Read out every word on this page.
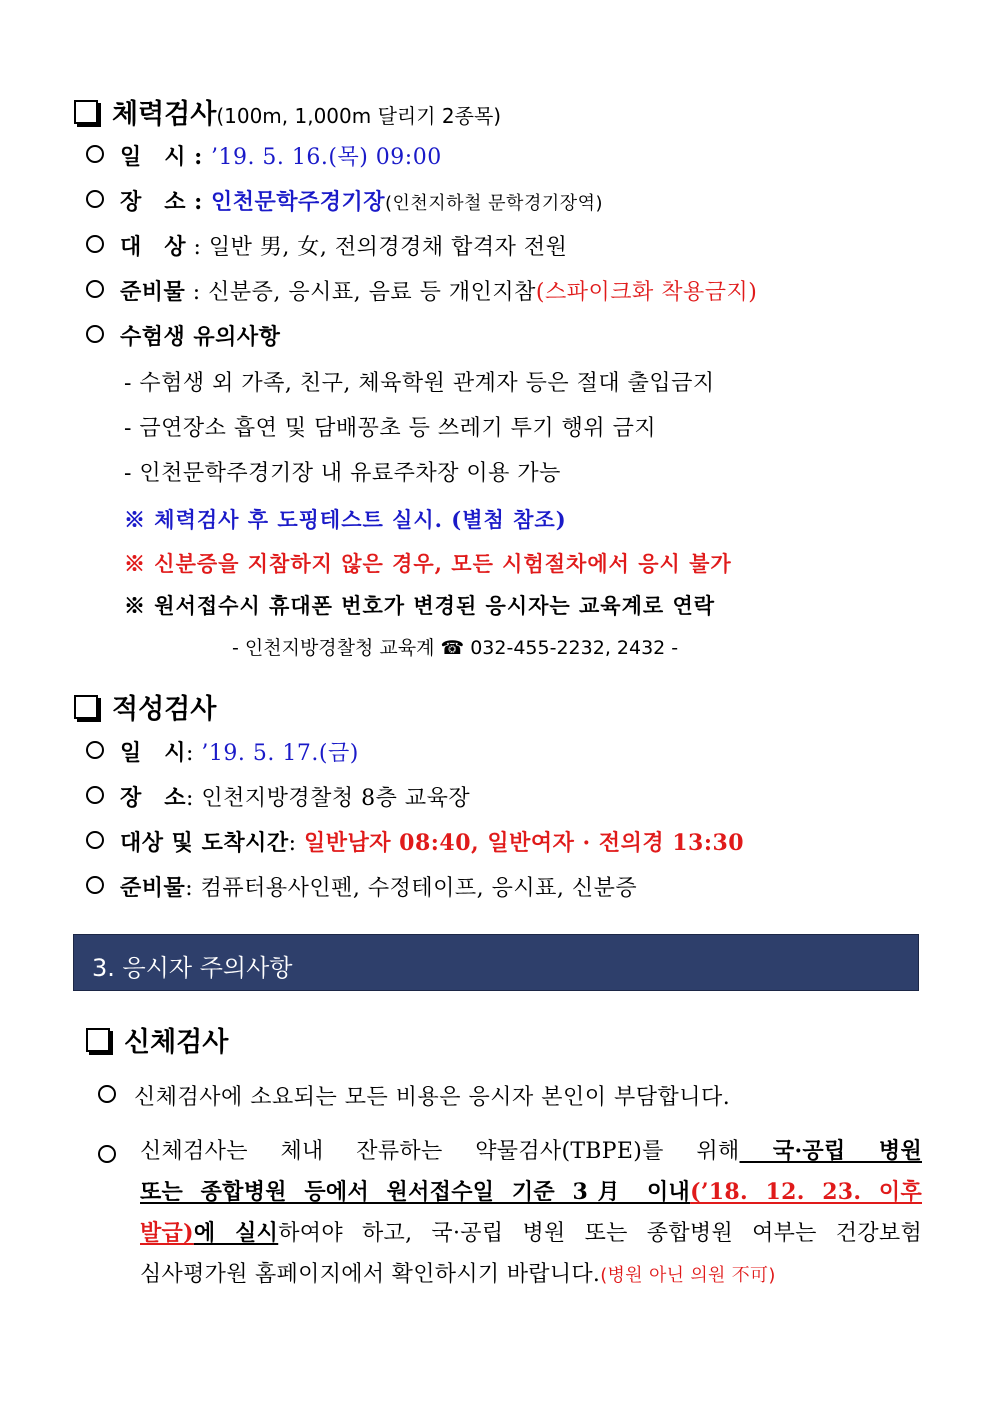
체력검사(100m, 1,000m 달리기 2종목)
일　시 : ’19. 5. 16.(목) 09:00
장　소 : 인천문학주경기장(인천지하철 문학경기장역)
대　상 : 일반 男, 女, 전의경경채 합격자 전원
준비물 : 신분증, 응시표, 음료 등 개인지참(스파이크화 착용금지)
수험생 유의사항
- 수험생 외 가족, 친구, 체육학원 관계자 등은 절대 출입금지
- 금연장소 흡연 및 담배꽁초 등 쓰레기 투기 행위 금지
- 인천문학주경기장 내 유료주차장 이용 가능
※ 체력검사 후 도핑테스트 실시. (별첨 참조)
※ 신분증을 지참하지 않은 경우, 모든 시험절차에서 응시 불가
※ 원서접수시 휴대폰 번호가 변경된 응시자는 교육계로 연락
- 인천지방경찰청 교육계 ☎ 032-455-2232, 2432 -
적성검사
일　시: ’19. 5. 17.(금)
장　소: 인천지방경찰청 8층 교육장
대상 및 도착시간: 일반남자 08:40, 일반여자 · 전의경 13:30
준비물: 컴퓨터용사인펜, 수정테이프, 응시표, 신분증
3. 응시자 주의사항
신체검사
신체검사에 소요되는 모든 비용은 응시자 본인이 부담합니다.
신체검사는 체내 잔류하는 약물검사(TBPE)를 위해 국·공립 병원
또는 종합병원 등에서 원서접수일 기준 3月 이내(’18. 12. 23. 이후
발급)에 실시하여야 하고, 국·공립 병원 또는 종합병원 여부는 건강보험
심사평가원 홈페이지에서 확인하시기 바랍니다.(병원 아닌 의원 不可)
